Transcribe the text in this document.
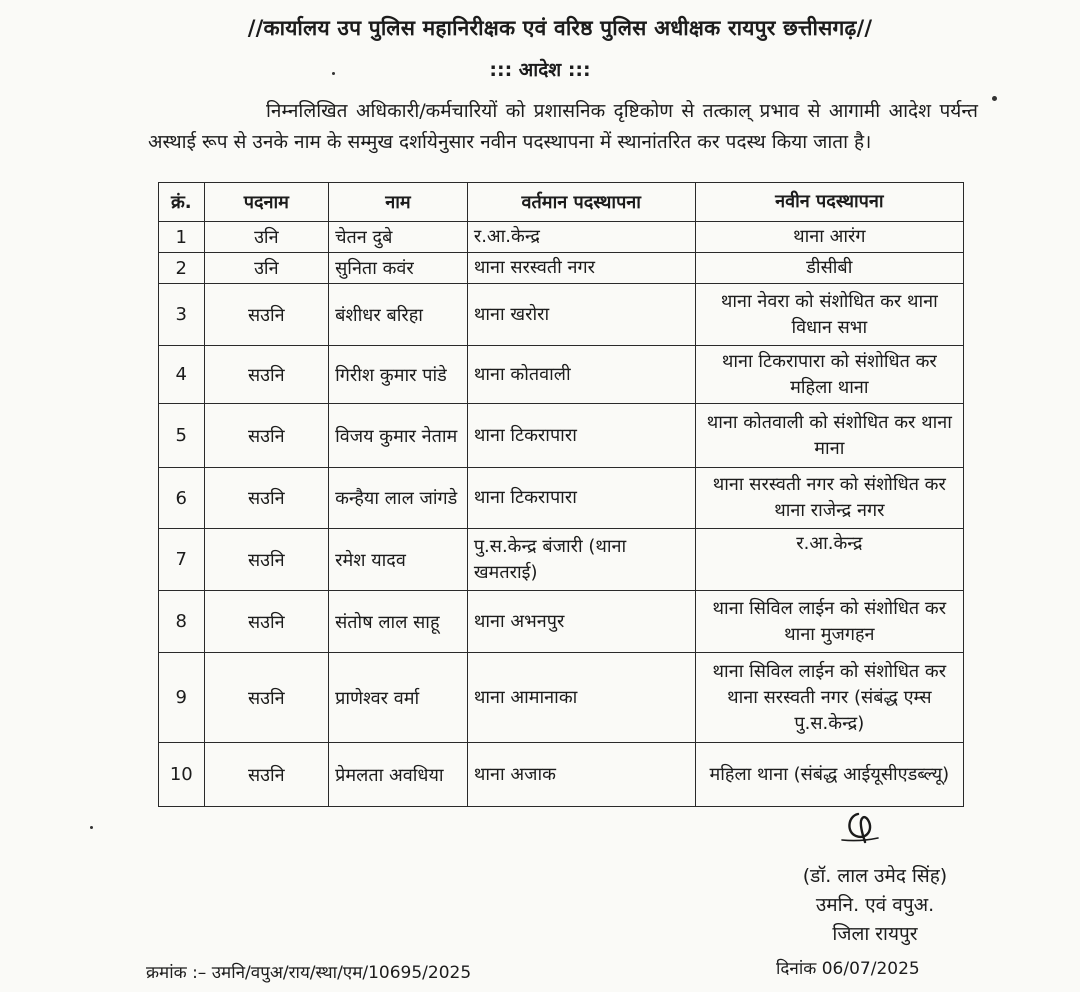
//कार्यालय उप पुलिस महानिरीक्षक एवं वरिष्ठ पुलिस अधीक्षक रायपुर छत्तीसगढ़//
::: आदेश :::
निम्नलिखित अधिकारी/कर्मचारियों को प्रशासनिक दृष्टिकोण से तत्काल् प्रभाव से आगामी आदेश पर्यन्त अस्थाई रूप से उनके नाम के सम्मुख दर्शायेनुसार नवीन पदस्थापना में स्थानांतरित कर पदस्थ किया जाता है।
क्रं.	पदनाम	नाम	वर्तमान पदस्थापना	नवीन पदस्थापना
1	उनि	चेतन दुबे	र.आ.केन्द्र	थाना आरंग
2	उनि	सुनिता कवंर	थाना सरस्वती नगर	डीसीबी
3	सउनि	बंशीधर बरिहा	थाना खरोरा	थाना नेवरा को संशोधित कर थाना विधान सभा
4	सउनि	गिरीश कुमार पांडे	थाना कोतवाली	थाना टिकरापारा को संशोधित कर महिला थाना
5	सउनि	विजय कुमार नेताम	थाना टिकरापारा	थाना कोतवाली को संशोधित कर थाना माना
6	सउनि	कन्हैया लाल जांगडे	थाना टिकरापारा	थाना सरस्वती नगर को संशोधित कर थाना राजेन्द्र नगर
7	सउनि	रमेश यादव	पु.स.केन्द्र बंजारी (थाना खमतराई)	र.आ.केन्द्र
8	सउनि	संतोष लाल साहू	थाना अभनपुर	थाना सिविल लाईन को संशोधित कर थाना मुजगहन
9	सउनि	प्राणेश्वर वर्मा	थाना आमानाका	थाना सिविल लाईन को संशोधित कर थाना सरस्वती नगर (संबंद्ध एम्स पु.स.केन्द्र)
10	सउनि	प्रेमलता अवधिया	थाना अजाक	महिला थाना (संबंद्ध आईयूसीएडब्ल्यू)
(डॉ. लाल उमेद सिंह)
उमनि. एवं वपुअ.
जिला रायपुर
क्रमांक :– उमनि/वपुअ/राय/स्था/एम/10695/2025	दिनांक 06/07/2025
